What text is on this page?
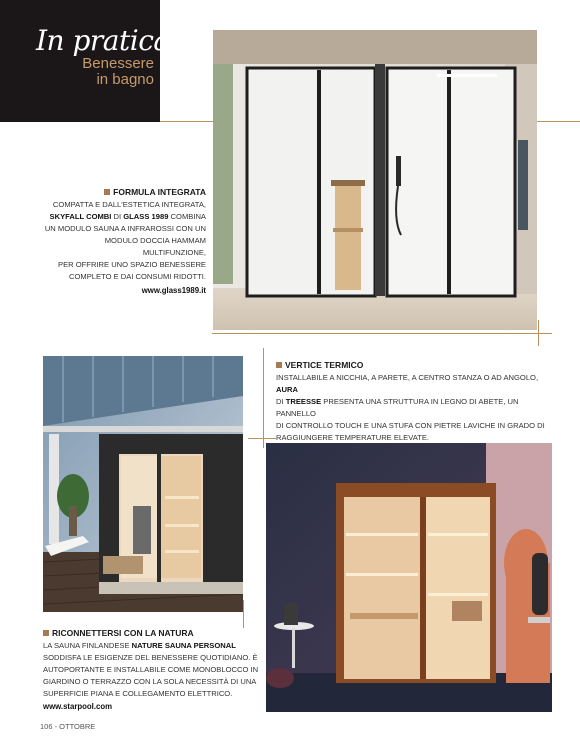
In pratica
Benessere
in bagno
FORMULA INTEGRATA
COMPATTA E DALL'ESTETICA INTEGRATA,
SKYFALL COMBI DI GLASS 1989 COMBINA
UN MODULO SAUNA A INFRAROSSI CON UN
MODULO DOCCIA HAMMAM MULTIFUNZIONE,
PER OFFRIRE UNO SPAZIO BENESSERE
COMPLETO E DAI CONSUMI RIDOTTI.
www.glass1989.it
RICONNETTERSI CON LA NATURA
LA SAUNA FINLANDESE NATURE SAUNA PERSONAL
SODDISFA LE ESIGENZE DEL BENESSERE QUOTIDIANO. È
AUTOPORTANTE E INSTALLABILE COME MONOBLOCCO IN
GIARDINO O TERRAZZO CON LA SOLA NECESSITÀ DI UNA
SUPERFICIE PIANA E COLLEGAMENTO ELETTRICO.
www.starpool.com
VERTICE TERMICO
INSTALLABILE A NICCHIA, A PARETE, A CENTRO STANZA O AD ANGOLO, AURA
DI TREESSE PRESENTA UNA STRUTTURA IN LEGNO DI ABETE, UN PANNELLO
DI CONTROLLO TOUCH E UNA STUFA CON PIETRE LAVICHE IN GRADO DI
RAGGIUNGERE TEMPERATURE ELEVATE.
106 - OTTOBRE
